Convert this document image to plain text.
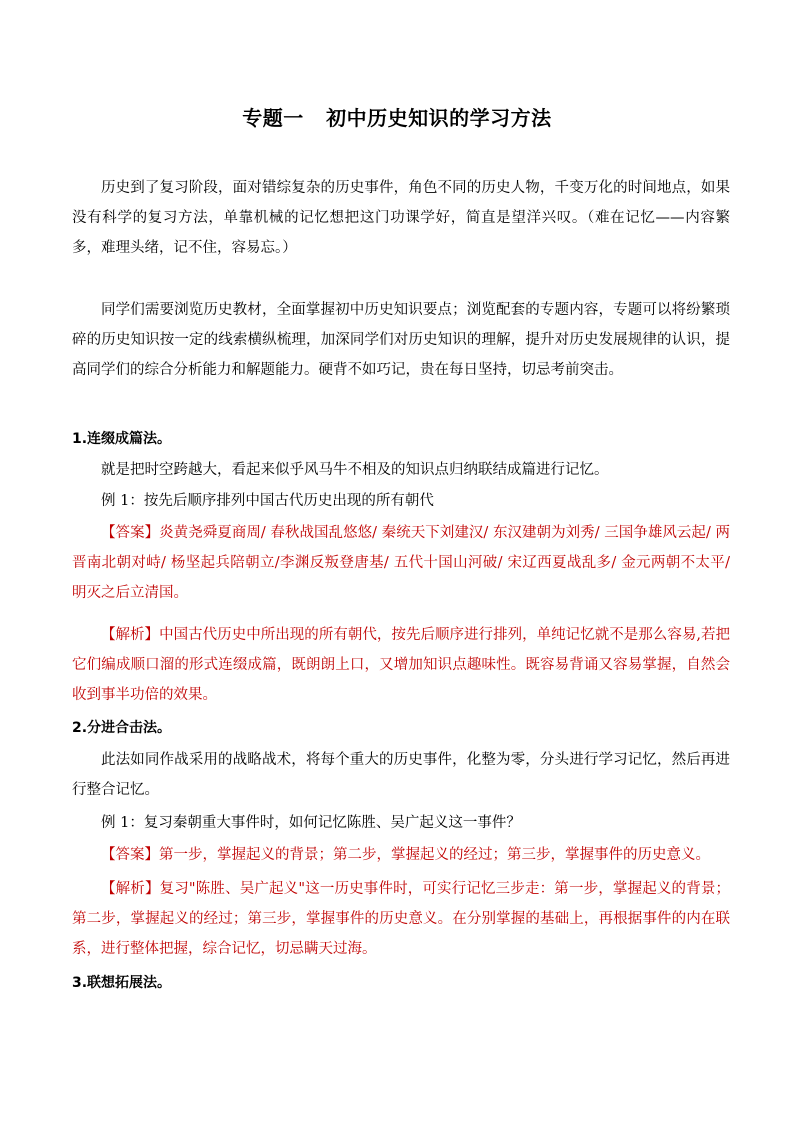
专题一   初中历史知识的学习方法
历史到了复习阶段，面对错综复杂的历史事件，角色不同的历史人物，千变万化的时间地点，如果没有科学的复习方法，单靠机械的记忆想把这门功课学好，简直是望洋兴叹。（难在记忆——内容繁多，难理头绪，记不住，容易忘。）
同学们需要浏览历史教材，全面掌握初中历史知识要点；浏览配套的专题内容，专题可以将纷繁琐碎的历史知识按一定的线索横纵梳理，加深同学们对历史知识的理解，提升对历史发展规律的认识，提高同学们的综合分析能力和解题能力。硬背不如巧记，贵在每日坚持，切忌考前突击。
1.连缀成篇法。
就是把时空跨越大，看起来似乎风马牛不相及的知识点归纳联结成篇进行记忆。
例 1：按先后顺序排列中国古代历史出现的所有朝代
【答案】炎黄尧舜夏商周/ 春秋战国乱悠悠/ 秦统天下刘建汉/ 东汉建朝为刘秀/ 三国争雄风云起/ 两晋南北朝对峙/ 杨坚起兵陪朝立/李渊反叛登唐基/ 五代十国山河破/ 宋辽西夏战乱多/ 金元两朝不太平/ 明灭之后立清国。
【解析】中国古代历史中所出现的所有朝代，按先后顺序进行排列，单纯记忆就不是那么容易,若把它们编成顺口溜的形式连缀成篇，既朗朗上口，又增加知识点趣味性。既容易背诵又容易掌握，自然会收到事半功倍的效果。
2.分进合击法。
此法如同作战采用的战略战术，将每个重大的历史事件，化整为零，分头进行学习记忆，然后再进行整合记忆。
例 1：复习秦朝重大事件时，如何记忆陈胜、吴广起义这一事件？
【答案】第一步，掌握起义的背景；第二步，掌握起义的经过；第三步，掌握事件的历史意义。
【解析】复习"陈胜、吴广起义"这一历史事件时，可实行记忆三步走：第一步，掌握起义的背景；第二步，掌握起义的经过；第三步，掌握事件的历史意义。在分别掌握的基础上，再根据事件的内在联系，进行整体把握，综合记忆，切忌瞒天过海。
3.联想拓展法。
